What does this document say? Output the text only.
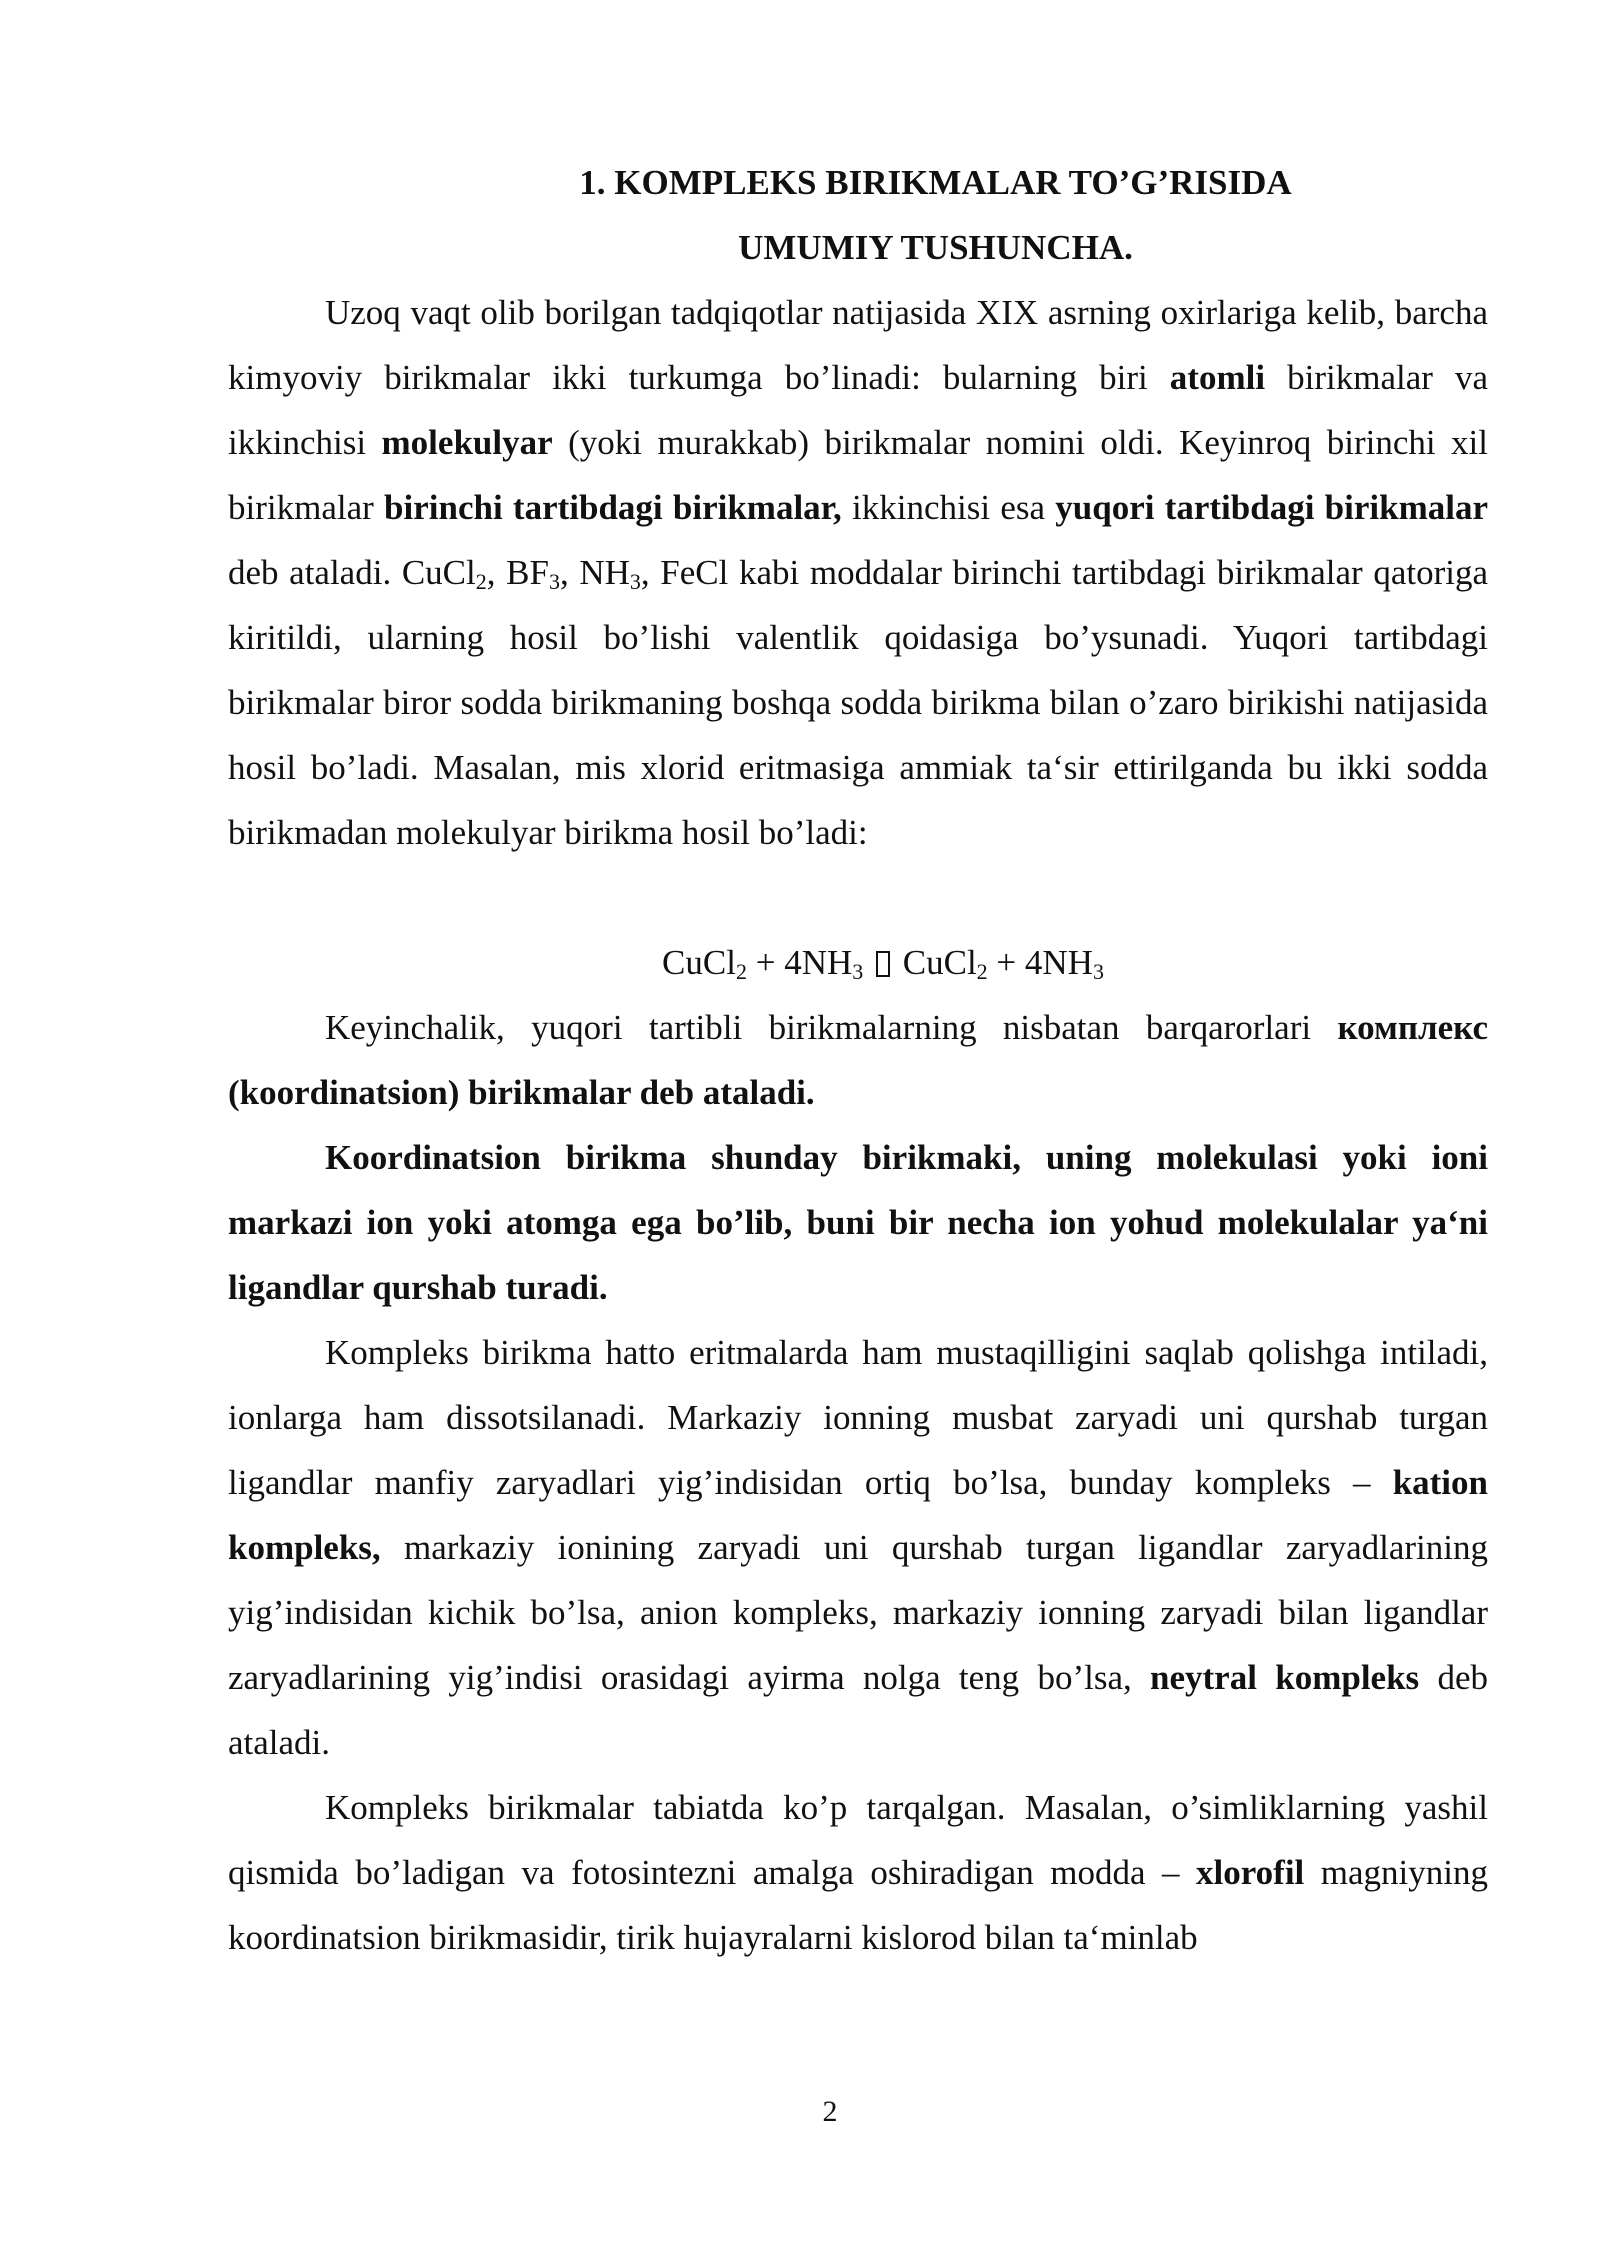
1. KOMPLEKS BIRIKMALAR TO’G’RISIDA
UMUMIY TUSHUNCHA.

Uzoq vaqt olib borilgan tadqiqotlar natijasida XIX asrning oxirlariga kelib, barcha kimyoviy birikmalar ikki turkumga bo’linadi: bularning biri atomli birikmalar va ikkinchisi molekulyar (yoki murakkab) birikmalar nomini oldi. Keyinroq birinchi xil birikmalar birinchi tartibdagi birikmalar, ikkinchisi esa yuqori tartibdagi birikmalar deb ataladi. CuCl$_2$, $BF_3$, $NH_3$, FeCl kabi moddalar birinchi tartibdagi birikmalar qatoriga kiritildi, ularning hosil bo’lishi valentlik qoidasiga bo’ysunadi. Yuqori tartibdagi birikmalar biror sodda birikmaning boshqa sodda birikma bilan o’zaro birikishi natijasida hosil bo’ladi. Masalan, mis xlorid eritmasiga ammiak ta‘sir ettirilganda bu ikki sodda birikmadan molekulyar birikma hosil bo’ladi:

CuCl$_2$ + $4NH_3$ CuCl$_2$ + $4NH_3$

Keyinchalik, yuqori tartibli birikmalarning nisbatan barqarorlari комплекс (koordinatsion) birikmalar deb ataladi.

Koordinatsion birikma shunday birikmaki, uning molekulasi yoki ioni markazi ion yoki atomga ega bo’lib, buni bir necha ion yohud molekulalar ya‘ni ligandlar qurshab turadi.

Kompleks birikma hatto eritmalarda ham mustaqilligini saqlab qolishga intiladi, ionlarga ham dissotsilanadi. Markaziy ionning musbat zaryadi uni qurshab turgan ligandlar manfiy zaryadlari yig’indisidan ortiq bo’lsa, bunday kompleks – kation kompleks, markaziy ionining zaryadi uni qurshab turgan ligandlar zaryadlarining yig’indisidan kichik bo’lsa, anion kompleks, markaziy ionning zaryadi bilan ligandlar zaryadlarining yig’indisi orasidagi ayirma nolga teng bo’lsa, neytral kompleks deb ataladi.

Kompleks birikmalar tabiatda ko’p tarqalgan. Masalan, o’simliklarning yashil qismida bo’ladigan va fotosintezni amalga oshiradigan modda – xlorofil magniyning koordinatsion birikmasidir, tirik hujayralarni kislorod bilan ta‘minlab

2
